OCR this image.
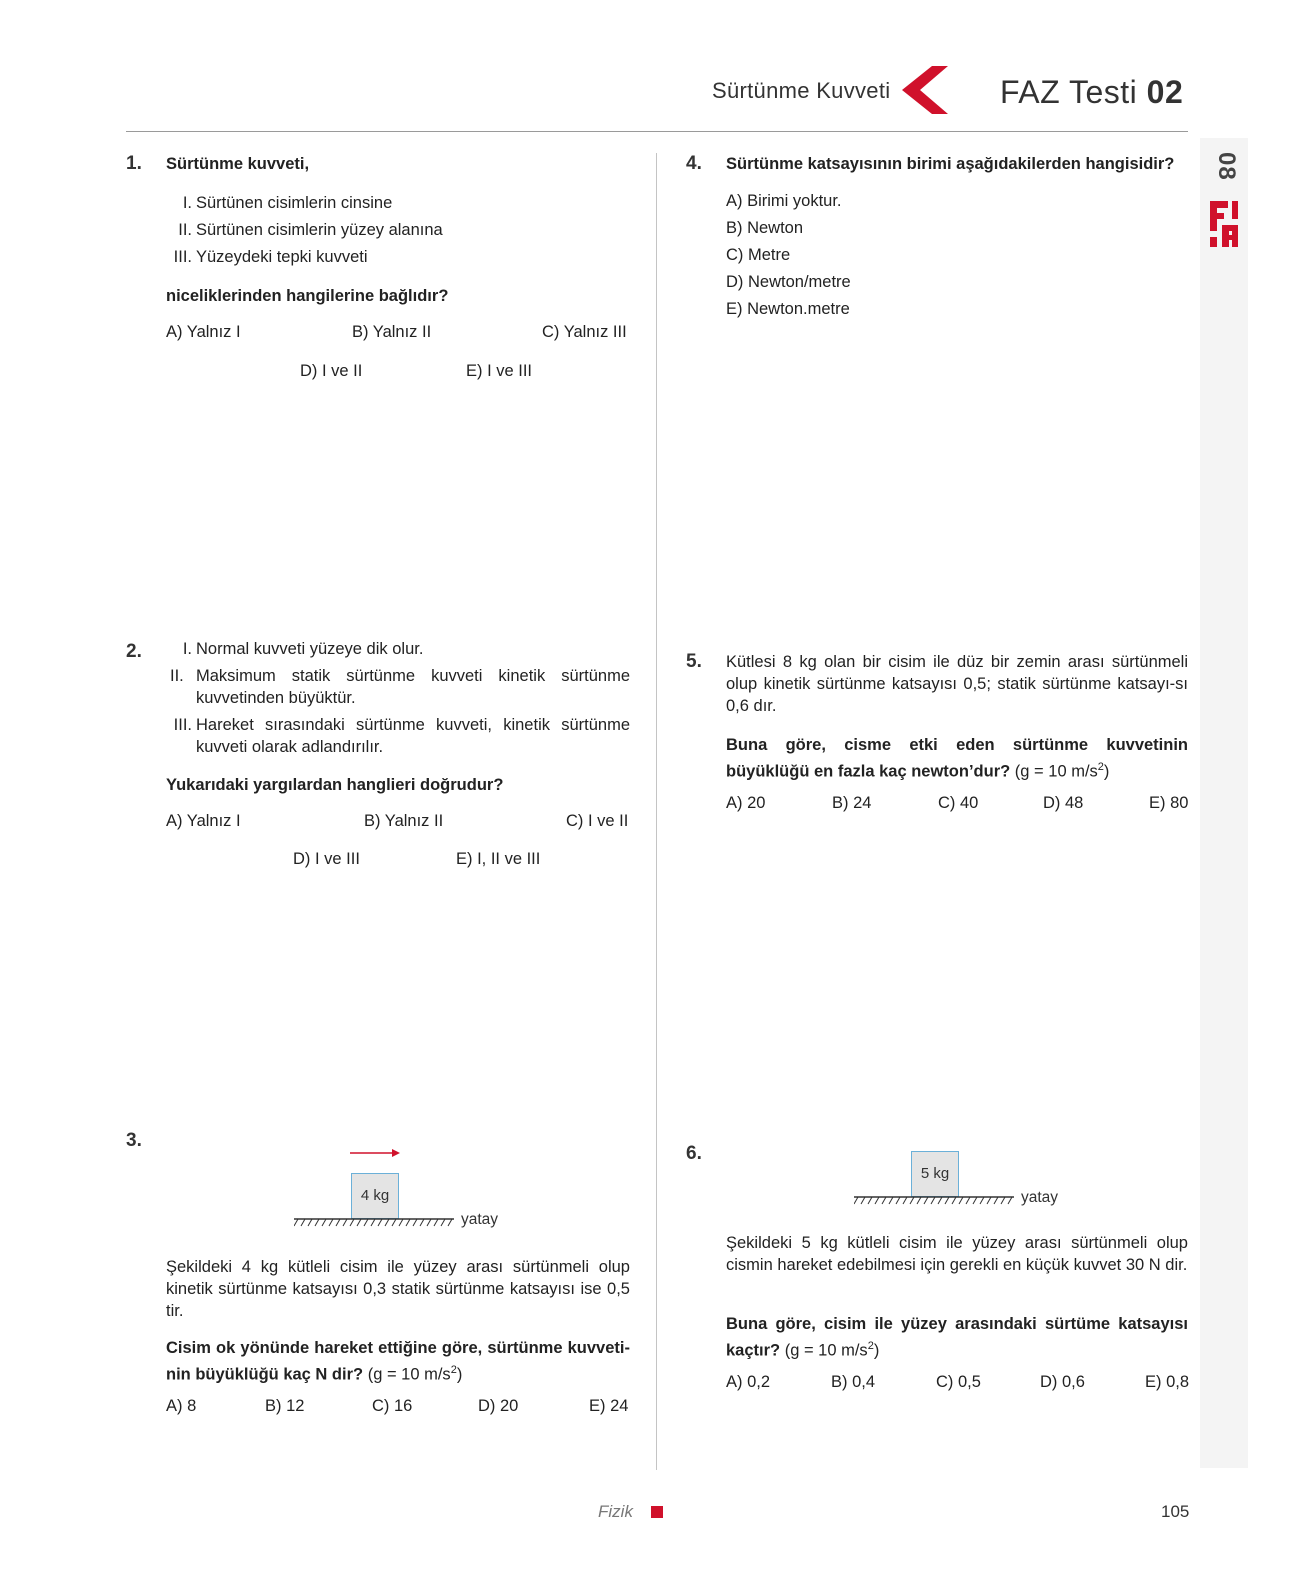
Sürtünme Kuvveti	FAZ Testi 02
08
1. Sürtünme kuvveti,
I. Sürtünen cisimlerin cinsine
II. Sürtünen cisimlerin yüzey alanına
III. Yüzeydeki tepki kuvveti
niceliklerinden hangilerine bağlıdır?
A) Yalnız I	B) Yalnız II	C) Yalnız III
D) I ve II	E) I ve III
2.	I. Normal kuvveti yüzeye dik olur.
II. Maksimum statik sürtünme kuvveti kinetik sürtünme kuvvetinden büyüktür.
III. Hareket sırasındaki sürtünme kuvveti, kinetik sürtünme kuvveti olarak adlandırılır.
Yukarıdaki yargılardan hanglieri doğrudur?
A) Yalnız I	B) Yalnız II	C) I ve II
D) I ve III	E) I, II ve III
3.
4 kg
yatay
Şekildeki 4 kg kütleli cisim ile yüzey arası sürtünmeli olup kinetik sürtünme katsayısı 0,3 statik sürtünme katsayısı ise 0,5 tir.
Cisim ok yönünde hareket ettiğine göre, sürtünme kuvveti-nin büyüklüğü kaç N dir? (g = 10 $m/s^2$)
A) 8	B) 12	C) 16	D) 20	E) 24
4. Sürtünme katsayısının birimi aşağıdakilerden hangisidir?
A) Birimi yoktur.
B) Newton
C) Metre
D) Newton/metre
E) Newton.metre
5. Kütlesi 8 kg olan bir cisim ile düz bir zemin arası sürtünmeli olup kinetik sürtünme katsayısı 0,5; statik sürtünme katsayı-sı 0,6 dır.
Buna göre, cisme etki eden sürtünme kuvvetinin büyüklüğü en fazla kaç newton’dur? (g = 10 $m/s^2$)
A) 20	B) 24	C) 40	D) 48	E) 80
6.
5 kg
yatay
Şekildeki 5 kg kütleli cisim ile yüzey arası sürtünmeli olup cismin hareket edebilmesi için gerekli en küçük kuvvet 30 N dir.
Buna göre, cisim ile yüzey arasındaki sürtüme katsayısı kaçtır? (g = 10 $m/s^2$)
A) 0,2	B) 0,4	C) 0,5	D) 0,6	E) 0,8
Fizik	105
